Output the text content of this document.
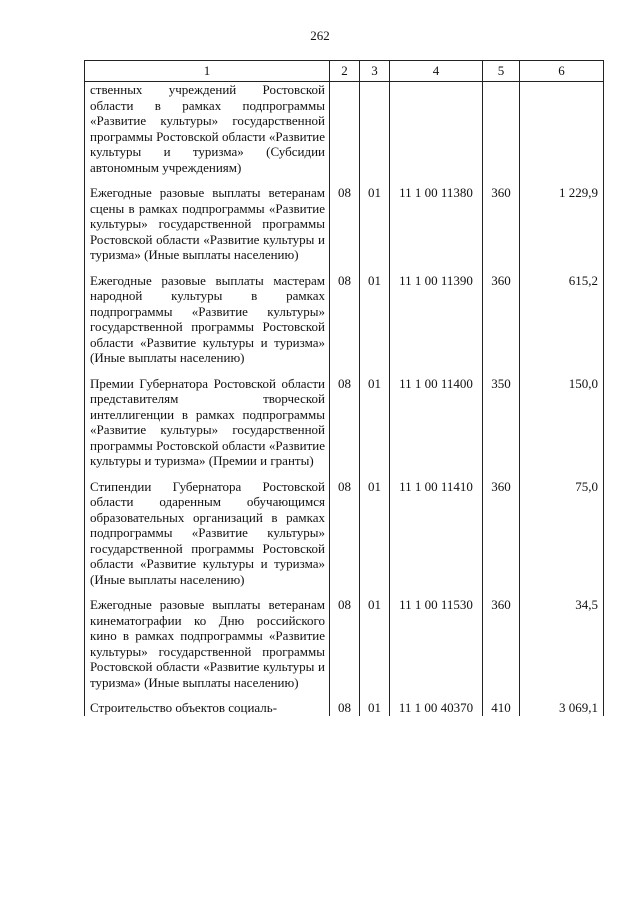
262
1	2	3	4	5	6
ственных учреждений Ростовской области в рамках подпрограммы «Развитие культуры» государственной программы Ростовской области «Развитие культуры и туризма» (Субсидии автономным учреждениям)					
Ежегодные разовые выплаты ветеранам сцены в рамках подпрограммы «Развитие культуры» государственной программы Ростовской области «Развитие культуры и туризма» (Иные выплаты населению)	08	01	11 1 00 11380	360	1 229,9
Ежегодные разовые выплаты мастерам народной культуры в рамках подпрограммы «Развитие культуры» государственной программы Ростовской области «Развитие культуры и туризма» (Иные выплаты населению)	08	01	11 1 00 11390	360	615,2
Премии Губернатора Ростовской области представителям творческой интеллигенции в рамках подпрограммы «Развитие культуры» государственной программы Ростовской области «Развитие культуры и туризма» (Премии и гранты)	08	01	11 1 00 11400	350	150,0
Стипендии Губернатора Ростовской области одаренным обучающимся образовательных организаций в рамках подпрограммы «Развитие культуры» государственной программы Ростовской области «Развитие культуры и туризма» (Иные выплаты населению)	08	01	11 1 00 11410	360	75,0
Ежегодные разовые выплаты ветеранам кинематографии ко Дню российского кино в рамках подпрограммы «Развитие культуры» государственной программы Ростовской области «Развитие культуры и туризма» (Иные выплаты населению)	08	01	11 1 00 11530	360	34,5
Строительство объектов социаль-	08	01	11 1 00 40370	410	3 069,1
